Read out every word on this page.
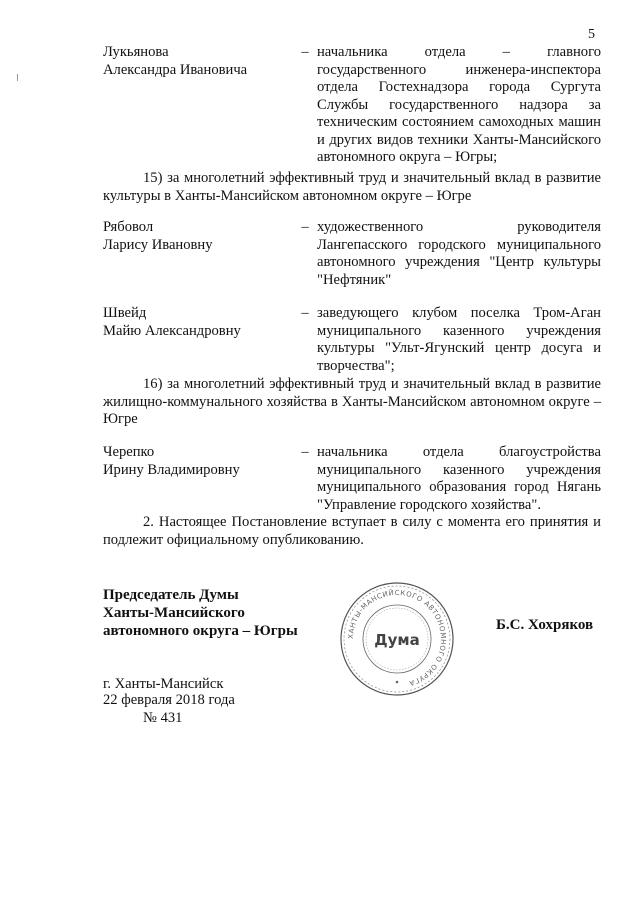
5
Лукьянова
Александра Ивановича
– начальника отдела – главного государственного инженера-инспектора отдела Гостехнадзора города Сургута Службы государственного надзора за техническим состоянием самоходных машин и других видов техники Ханты-Мансийского автономного округа – Югры;
15) за многолетний эффективный труд и значительный вклад в развитие культуры в Ханты-Мансийском автономном округе – Югре
Рябовол
Ларису Ивановну
– художественного руководителя Лангепасского городского муниципального автономного учреждения "Центр культуры "Нефтяник"
Швейд
Майю Александровну
– заведующего клубом поселка Тром-Аган муниципального казенного учреждения культуры "Ульт-Ягунский центр досуга и творчества";
16) за многолетний эффективный труд и значительный вклад в развитие жилищно-коммунального хозяйства в Ханты-Мансийском автономном округе – Югре
Черепко
Ирину Владимировну
– начальника отдела благоустройства муниципального казенного учреждения муниципального образования город Нягань "Управление городского хозяйства".
2. Настоящее Постановление вступает в силу с момента его принятия и подлежит официальному опубликованию.
Председатель Думы
Ханты-Мансийского
автономного округа – Югры	ХАНТЫ-МАНСИЙСКОГО АВТОНОМНОГО ОКРУГА
Дума
Б.С. Хохряков
г. Ханты-Мансийск
22 февраля 2018 года
№ 431
